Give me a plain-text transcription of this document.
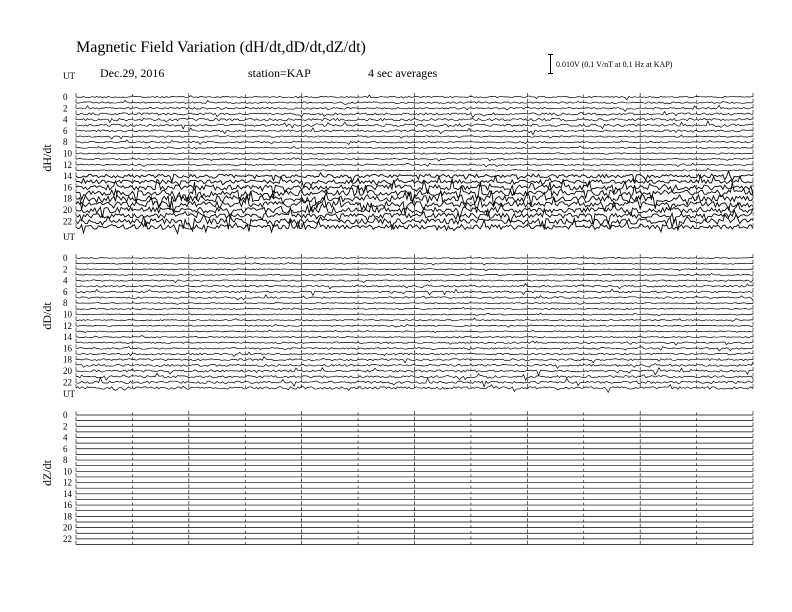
Magnetic Field Variation (dH/dt,dD/dt,dZ/dt)
Dec.29, 2016	station=KAP	4 sec averages
0.010V (0.1 V/nT at 0.1 Hz at KAP)
UT
dH/dt
0
2
4
6
8
10
12
14
16
18
20
22
UT
dD/dt
0
2
4
6
8
10
12
14
16
18
20
22
UT
dZ/dt
0
2
4
6
8
10
12
14
16
18
20
22
